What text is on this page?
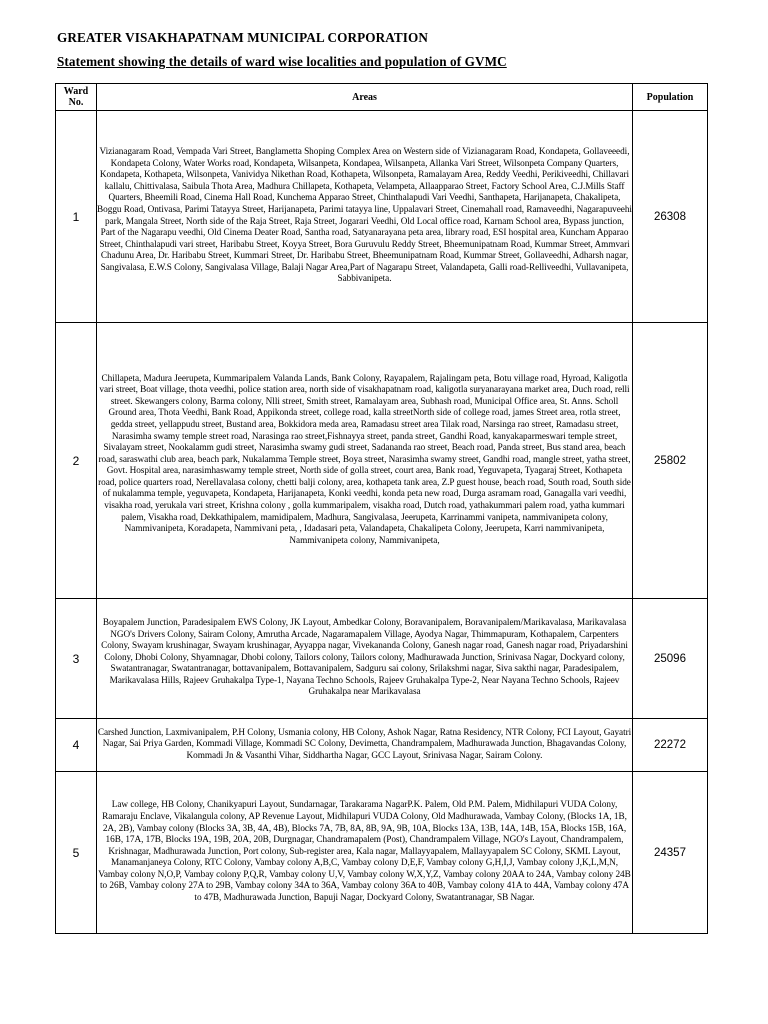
GREATER VISAKHAPATNAM MUNICIPAL CORPORATION
Statement showing the details of ward wise localities and population of GVMC
Ward
No.	Areas	Population
1	Vizianagaram Road, Vempada Vari Street, Banglametta Shoping Complex Area on Western side of Vizianagaram Road, Kondapeta, Gollaveeedi, Kondapeta Colony, Water Works road, Kondapeta, Wilsanpeta, Kondapea, Wilsanpeta, Allanka Vari Street, Wilsonpeta Company Quarters, Kondapeta, Kothapeta, Wilsonpeta, Vanividya Nikethan Road, Kothapeta, Wilsonpeta, Ramalayam Area, Reddy Veedhi, Perikiveedhi, Chillavari kallalu, Chittivalasa, Saibula Thota Area, Madhura Chillapeta, Kothapeta, Velampeta, Allaapparao Street, Factory School Area, C.J.Mills Staff Quarters, Bheemili Road, Cinema Hall Road, Kunchema Apparao Street, Chinthalapudi Vari Veedhi, Santhapeta, Harijanapeta, Chakalipeta, Boggu Road, Ontivasa, Parimi Tatayya Street, Harijanapeta, Parimi tatayya line, Uppalavari Street, Cinemahall road, Ramaveedhi, Nagarapuveehi park, Mangala Street, North side of the Raja Street, Raja Street, Jogarari Veedhi, Old Local office road, Karnam School area, Bypass junction, Part of the Nagarapu veedhi, Old Cinema Deater Road, Santha road, Satyanarayana peta area, library road, ESI hospital area, Kuncham Apparao Street, Chinthalapudi vari street, Haribabu Street, Koyya Street, Bora Guruvulu Reddy Street, Bheemunipatnam Road, Kummar Street, Ammvari Chadunu Area, Dr. Haribabu Street, Kummari Street, Dr. Haribabu Street, Bheemunipatnam Road, Kummar Street, Gollaveedhi, Adharsh nagar, Sangivalasa, E.W.S Colony, Sangivalasa Village, Balaji Nagar Area,Part of Nagarapu Street, Valandapeta, Galli road-Relliveedhi, Vullavanipeta, Sabbivanipeta.	26308
2	Chillapeta, Madura Jeerupeta, Kummaripalem Valanda Lands, Bank Colony, Rayapalem, Rajalingam peta, Botu village road, Hyroad, Kaligotla vari street, Boat village, thota veedhi, police station area, north side of visakhapatnam road, kaligotla suryanarayana market area, Duch road, relli street. Skewangers colony, Barma colony, Nlli street, Smith street, Ramalayam area, Subhash road, Municipal Office area, St. Anns. Scholl Ground area, Thota Veedhi, Bank Road, Appikonda street, college road, kalla streetNorth side of college road, james Street area, rotla street, gedda street, yellappudu street, Bustand area, Bokkidora meda area, Ramadasu street area Tilak road, Narsinga rao street, Ramadasu street, Narasimha swamy temple street road, Narasinga rao street,Fishnayya street, panda street, Gandhi Road, kanyakaparmeswari temple street, Sivalayam street, Nookalamm gudi street, Narasimha swamy gudi street, Sadananda rao street, Beach road, Panda street, Bus stand area, beach road, saraswathi club area, beach park, Nukalamma Temple street, Boya street, Narasimha swamy street, Gandhi road, mangle street, yatha street, Govt. Hospital area, narasimhaswamy temple street, North side of golla street, court area, Bank road, Yeguvapeta, Tyagaraj Street, Kothapeta road, police quarters road, Nerellavalasa colony, chetti balji colony, area, kothapeta tank area, Z.P guest house, beach road, South road, South side of nukalamma temple, yeguvapeta, Kondapeta, Harijanapeta, Konki veedhi, konda peta new road, Durga asramam road, Ganagalla vari veedhi, visakha road, yerukala vari street, Krishna colony , golla kummaripalem, visakha road, Dutch road, yathakummari palem road, yatha kummari palem, Visakha road, Dekkathipalem, mamidipalem, Madhura, Sangivalasa, Jeerupeta, Karrinammi vanipeta, nammivanipeta colony, Nammivanipeta, Koradapeta, Nammivani peta, , Idadasari peta, Valandapeta, Chakalipeta Colony, Jeerupeta, Karri nammivanipeta, Nammivanipeta colony, Nammivanipeta,	25802
3	Boyapalem Junction, Paradesipalem EWS Colony, JK Layout, Ambedkar Colony, Boravanipalem, Boravanipalem/Marikavalasa, Marikavalasa NGO's Drivers Colony, Sairam Colony, Amrutha Arcade, Nagaramapalem Village, Ayodya Nagar, Thimmapuram, Kothapalem, Carpenters Colony, Swayam krushinagar, Swayam krushinagar, Ayyappa nagar, Vivekananda Colony, Ganesh nagar road, Ganesh nagar road, Priyadarshini Colony, Dhobi Colony, Shyamnagar, Dhobi colony, Tailors colony, Tailors colony, Madhurawada Junction, Srinivasa Nagar, Dockyard colony, Swatantranagar, Swatantranagar, bottavanipalem, Bottavanipalem, Sadguru sai colony, Srilakshmi nagar, Siva sakthi nagar, Paradesipalem, Marikavalasa Hills, Rajeev Gruhakalpa Type-1, Nayana Techno Schools, Rajeev Gruhakalpa Type-2, Near Nayana Techno Schools, Rajeev Gruhakalpa near Marikavalasa	25096
4	Carshed Junction, Laxmivanipalem, P.H Colony, Usmania colony, HB Colony, Ashok Nagar, Ratna Residency, NTR Colony, FCI Layout, Gayatri Nagar, Sai Priya Garden, Kommadi Village, Kommadi SC Colony, Devimetta, Chandrampalem, Madhurawada Junction, Bhagavandas Colony, Kommadi Jn & Vasanthi Vihar, Siddhartha Nagar, GCC Layout, Srinivasa Nagar, Sairam Colony.	22272
5	Law college, HB Colony, Chanikyapuri Layout, Sundarnagar, Tarakarama NagarP.K. Palem, Old P.M. Palem, Midhilapuri VUDA Colony, Ramaraju Enclave, Vikalangula colony, AP Revenue Layout, Midhilapuri VUDA Colony, Old Madhurawada, Vambay Colony, (Blocks 1A, 1B, 2A, 2B), Vambay colony (Blocks 3A, 3B, 4A, 4B), Blocks 7A, 7B, 8A, 8B, 9A, 9B, 10A, Blocks 13A, 13B, 14A, 14B, 15A, Blocks 15B, 16A, 16B, 17A, 17B, Blocks 19A, 19B, 20A, 20B, Durgnagar, Chandramapalem (Post), Chandrampalem Village, NGO's Layout, Chandrampalem, Krishnagar, Madhurawada Junction, Port colony, Sub-register area, Kala nagar, Mallayyapalem, Mallayyapalem SC Colony, SKML Layout, Manamanjaneya Colony, RTC Colony, Vambay colony A,B,C, Vambay colony D,E,F, Vambay colony G,H,I,J, Vambay colony J,K,L,M,N, Vambay colony N,O,P, Vambay colony P,Q,R, Vambay colony U,V, Vambay colony W,X,Y,Z, Vambay colony 20AA to 24A, Vambay colony 24B to 26B, Vambay colony 27A to 29B, Vambay colony 34A to 36A, Vambay colony 36A to 40B, Vambay colony 41A to 44A, Vambay colony 47A to 47B, Madhurawada Junction, Bapuji Nagar, Dockyard Colony, Swatantranagar, SB Nagar.	24357
